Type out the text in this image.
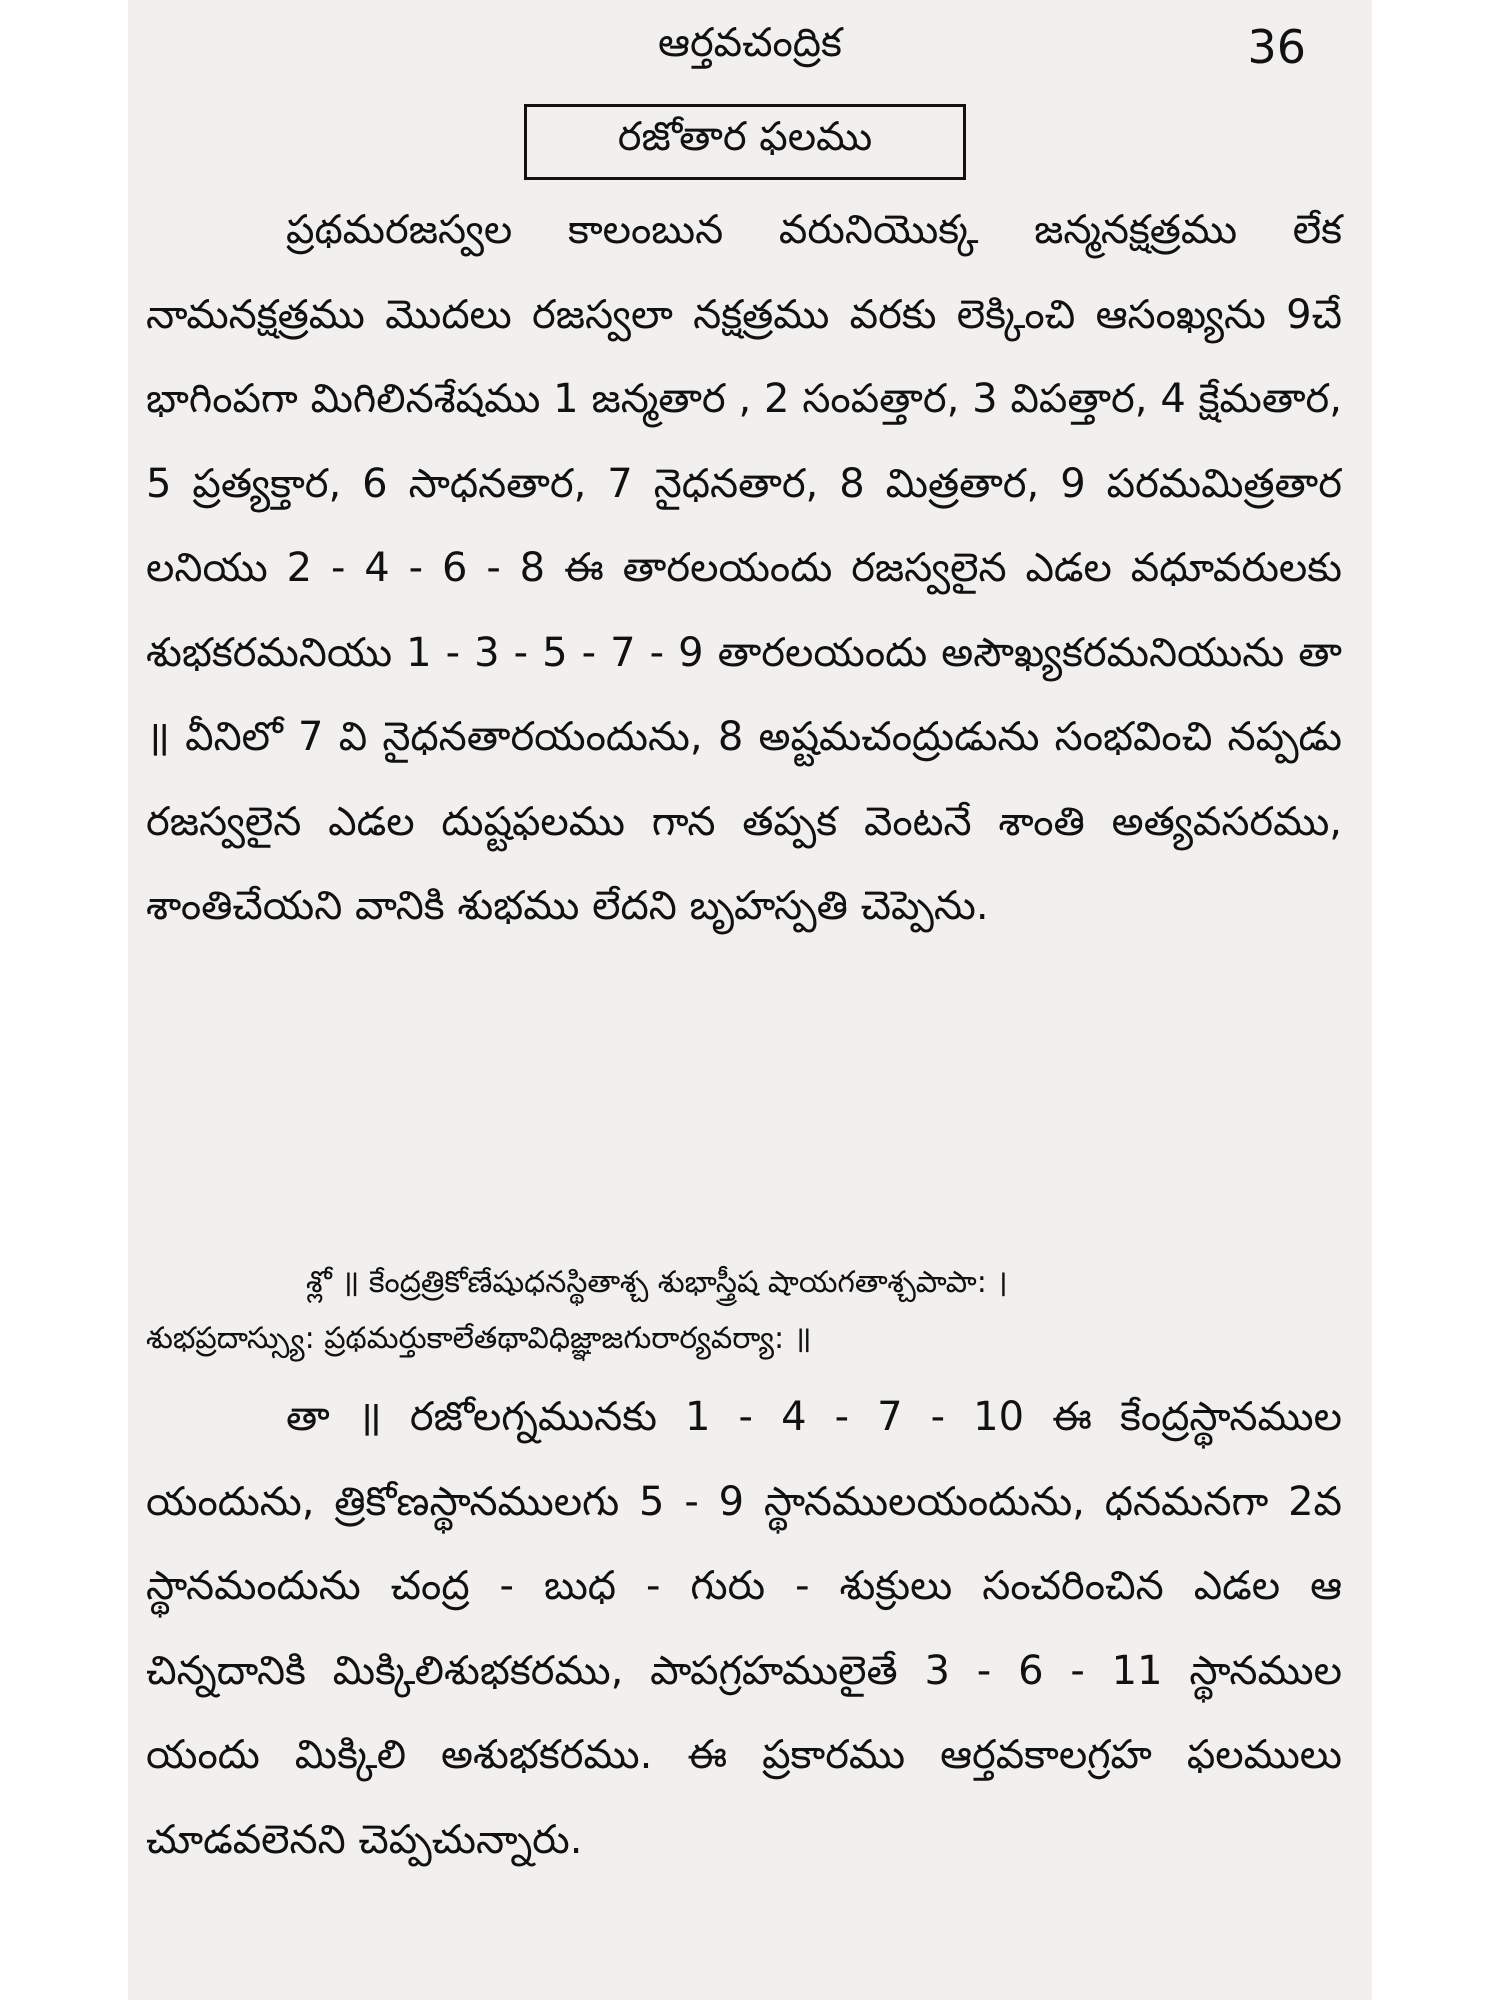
ఆర్తవచంద్రిక	36
రజోతార ఫలము
ప్రథమరజస్వల కాలంబున వరునియొక్క జన్మనక్షత్రము లేక నామనక్షత్రము మొదలు రజస్వలా నక్షత్రము వరకు లెక్కించి ఆసంఖ్యను 9చే భాగింపగా మిగిలినశేషము 1 జన్మతార , 2 సంపత్తార, 3 విపత్తార, 4 క్షేమతార, 5 ప్రత్యక్తార, 6 సాధనతార, 7 నైధనతార, 8 మిత్రతార, 9 పరమమిత్రతార లనియు 2 - 4 - 6 - 8 ఈ తారలయందు రజస్వలైన ఎడల వధూవరులకు శుభకరమనియు 1 - 3 - 5 - 7 - 9 తారలయందు అసౌఖ్యకరమనియును తా ॥ వీనిలో 7 వి నైధనతారయందును, 8 అష్టమచంద్రుడును సంభవించి నప్పడు రజస్వలైన ఎడల దుష్టఫలము గాన తప్పక వెంటనే శాంతి అత్యవసరము, శాంతిచేయని వానికి శుభము లేదని బృహస్పతి చెప్పెను.
శ్లో ॥ కేంద్రత్రికోణేషుధనస్థితాశ్చ శుభాస్త్రీష షాయగతాశ్చపాపా: ।
శుభప్రదాస్స్యు: ప్రథమర్తుకాలేతథావిధిజ్ఞాజగురార్యవర్యా: ॥
తా ॥ రజోలగ్నమునకు 1 - 4 - 7 - 10 ఈ కేంద్రస్థానముల యందును, త్రికోణస్థానములగు 5 - 9 స్థానములయందును, ధనమనగా 2వ స్థానమందును చంద్ర - బుధ - గురు - శుక్రులు సంచరించిన ఎడల ఆ చిన్నదానికి మిక్కిలిశుభకరము, పాపగ్రహములైతే 3 - 6 - 11 స్థానముల యందు మిక్కిలి అశుభకరము. ఈ ప్రకారము ఆర్తవకాలగ్రహ ఫలములు చూడవలెనని చెప్పచున్నారు.
